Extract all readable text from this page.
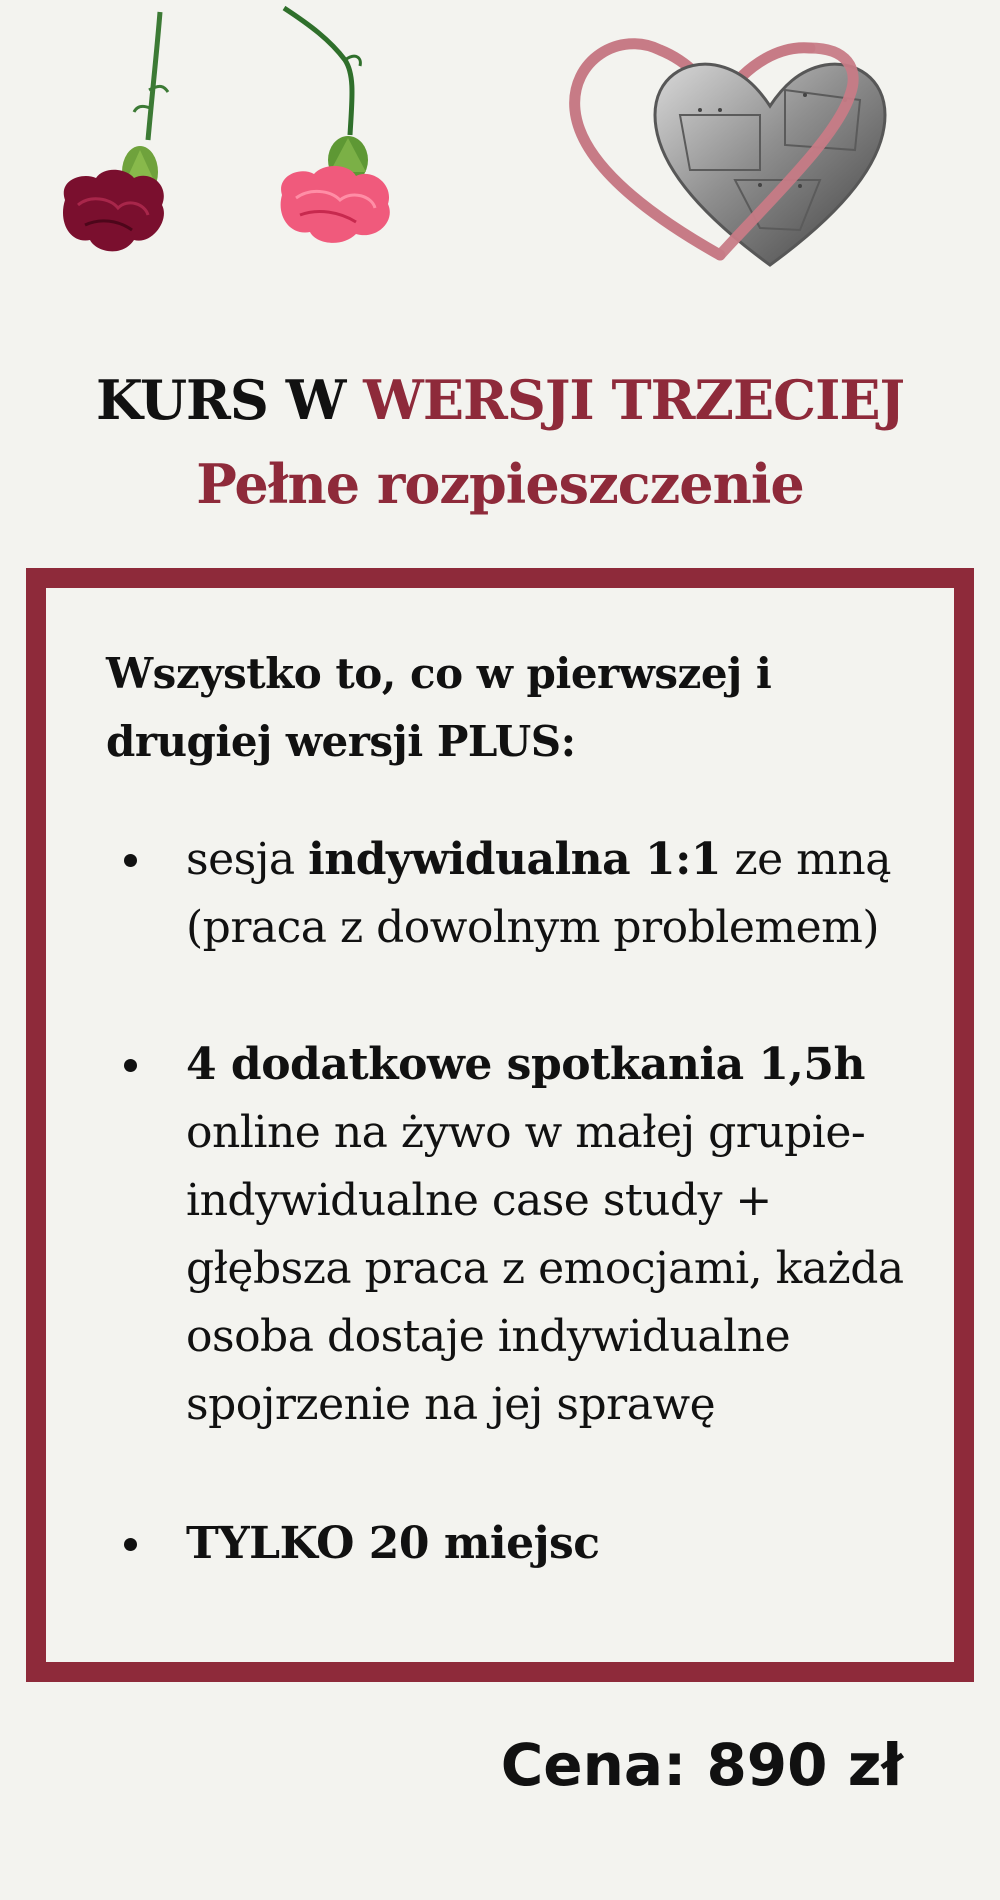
KURS W WERSJI TRZECIEJ
Pełne rozpieszczenie
Wszystko to, co w pierwszej i drugiej wersji PLUS:
sesja indywidualna 1:1 ze mną (praca z dowolnym problemem)
4 dodatkowe spotkania 1,5h online na żywo w małej grupie- indywidualne case study + głębsza praca z emocjami, każda osoba dostaje indywidualne spojrzenie na jej sprawę
TYLKO 20 miejsc
Cena: 890 zł
